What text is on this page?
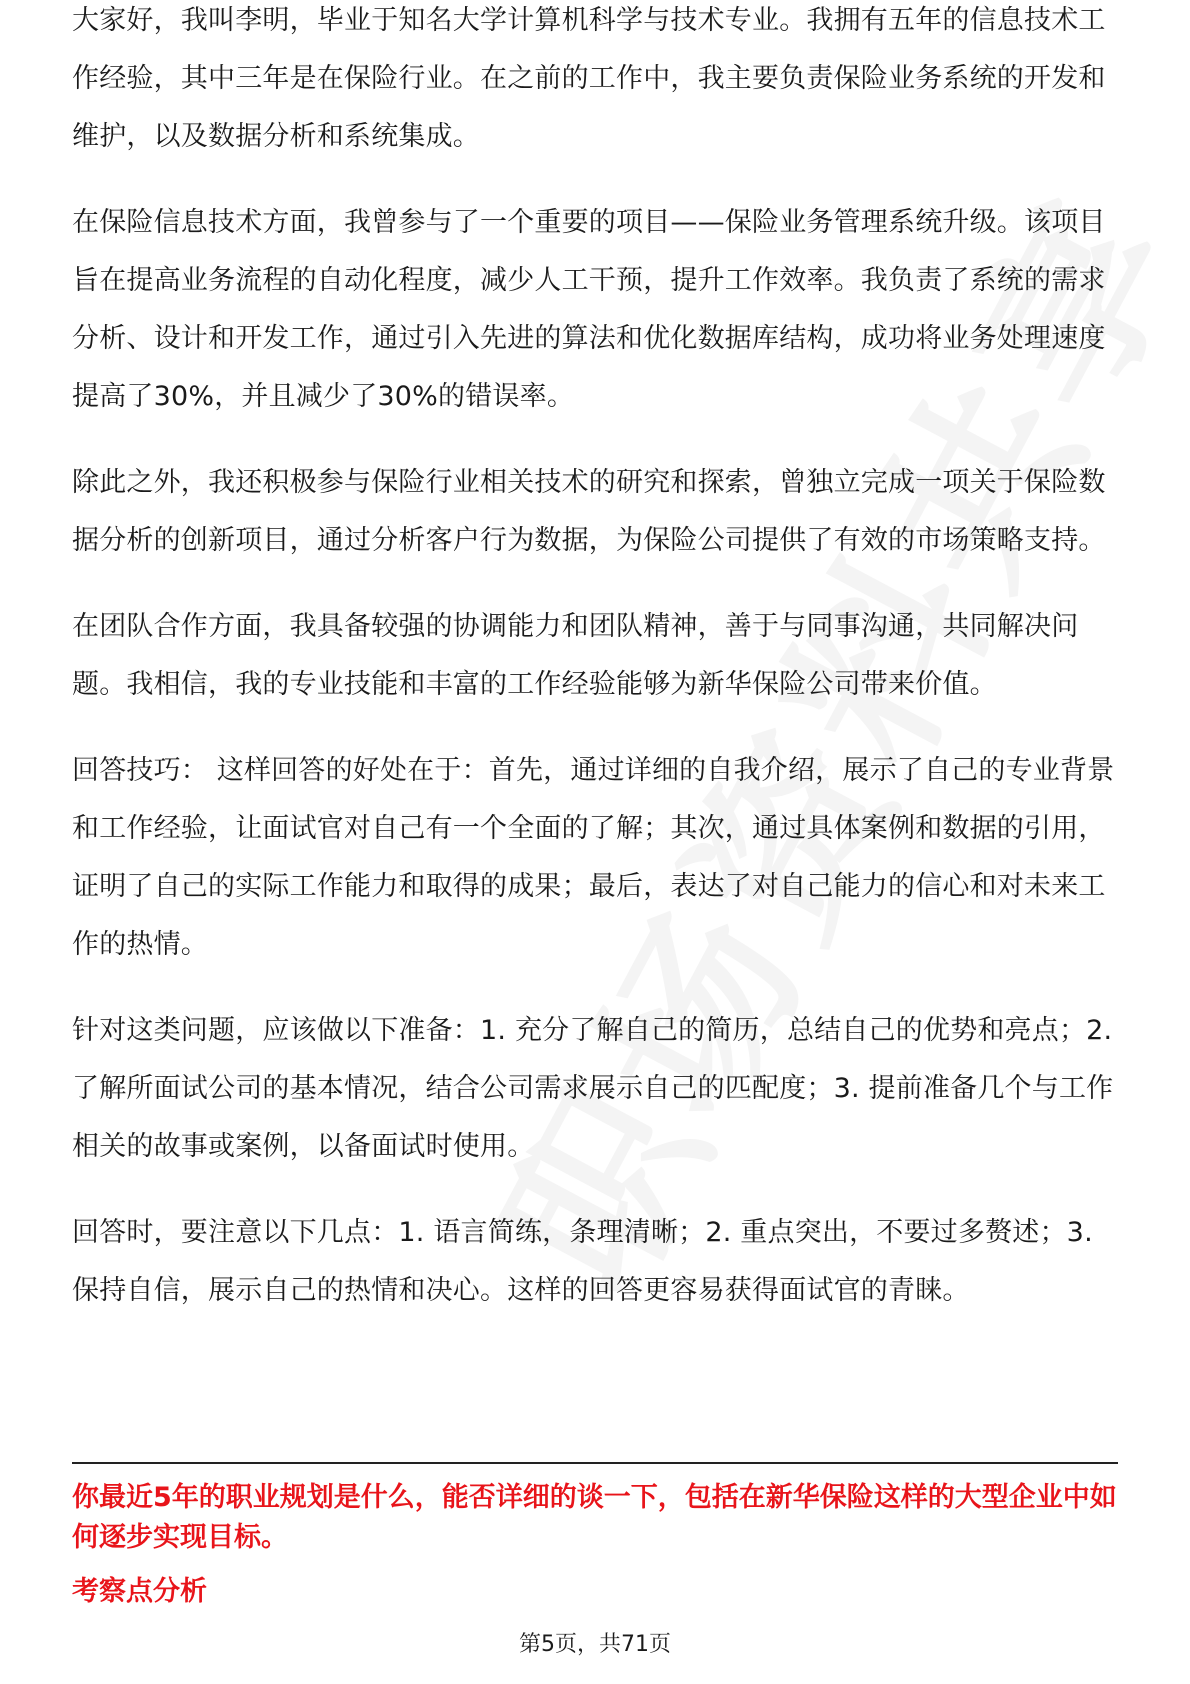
大家好，我叫李明，毕业于知名大学计算机科学与技术专业。我拥有五年的信息技术工作经验，其中三年是在保险行业。在之前的工作中，我主要负责保险业务系统的开发和维护，以及数据分析和系统集成。

在保险信息技术方面，我曾参与了一个重要的项目——保险业务管理系统升级。该项目旨在提高业务流程的自动化程度，减少人工干预，提升工作效率。我负责了系统的需求分析、设计和开发工作，通过引入先进的算法和优化数据库结构，成功将业务处理速度提高了30%，并且减少了30%的错误率。

除此之外，我还积极参与保险行业相关技术的研究和探索，曾独立完成一项关于保险数据分析的创新项目，通过分析客户行为数据，为保险公司提供了有效的市场策略支持。

在团队合作方面，我具备较强的协调能力和团队精神，善于与同事沟通，共同解决问题。我相信，我的专业技能和丰富的工作经验能够为新华保险公司带来价值。

回答技巧： 这样回答的好处在于：首先，通过详细的自我介绍，展示了自己的专业背景和工作经验，让面试官对自己有一个全面的了解；其次，通过具体案例和数据的引用，证明了自己的实际工作能力和取得的成果；最后，表达了对自己能力的信心和对未来工作的热情。

针对这类问题，应该做以下准备：1. 充分了解自己的简历，总结自己的优势和亮点；2. 了解所面试公司的基本情况，结合公司需求展示自己的匹配度；3. 提前准备几个与工作相关的故事或案例，以备面试时使用。

回答时，要注意以下几点：1. 语言简练，条理清晰；2. 重点突出，不要过多赘述；3. 保持自信，展示自己的热情和决心。这样的回答更容易获得面试官的青睐。

你最近5年的职业规划是什么，能否详细的谈一下，包括在新华保险这样的大型企业中如何逐步实现目标。

考察点分析

第5页，共71页
